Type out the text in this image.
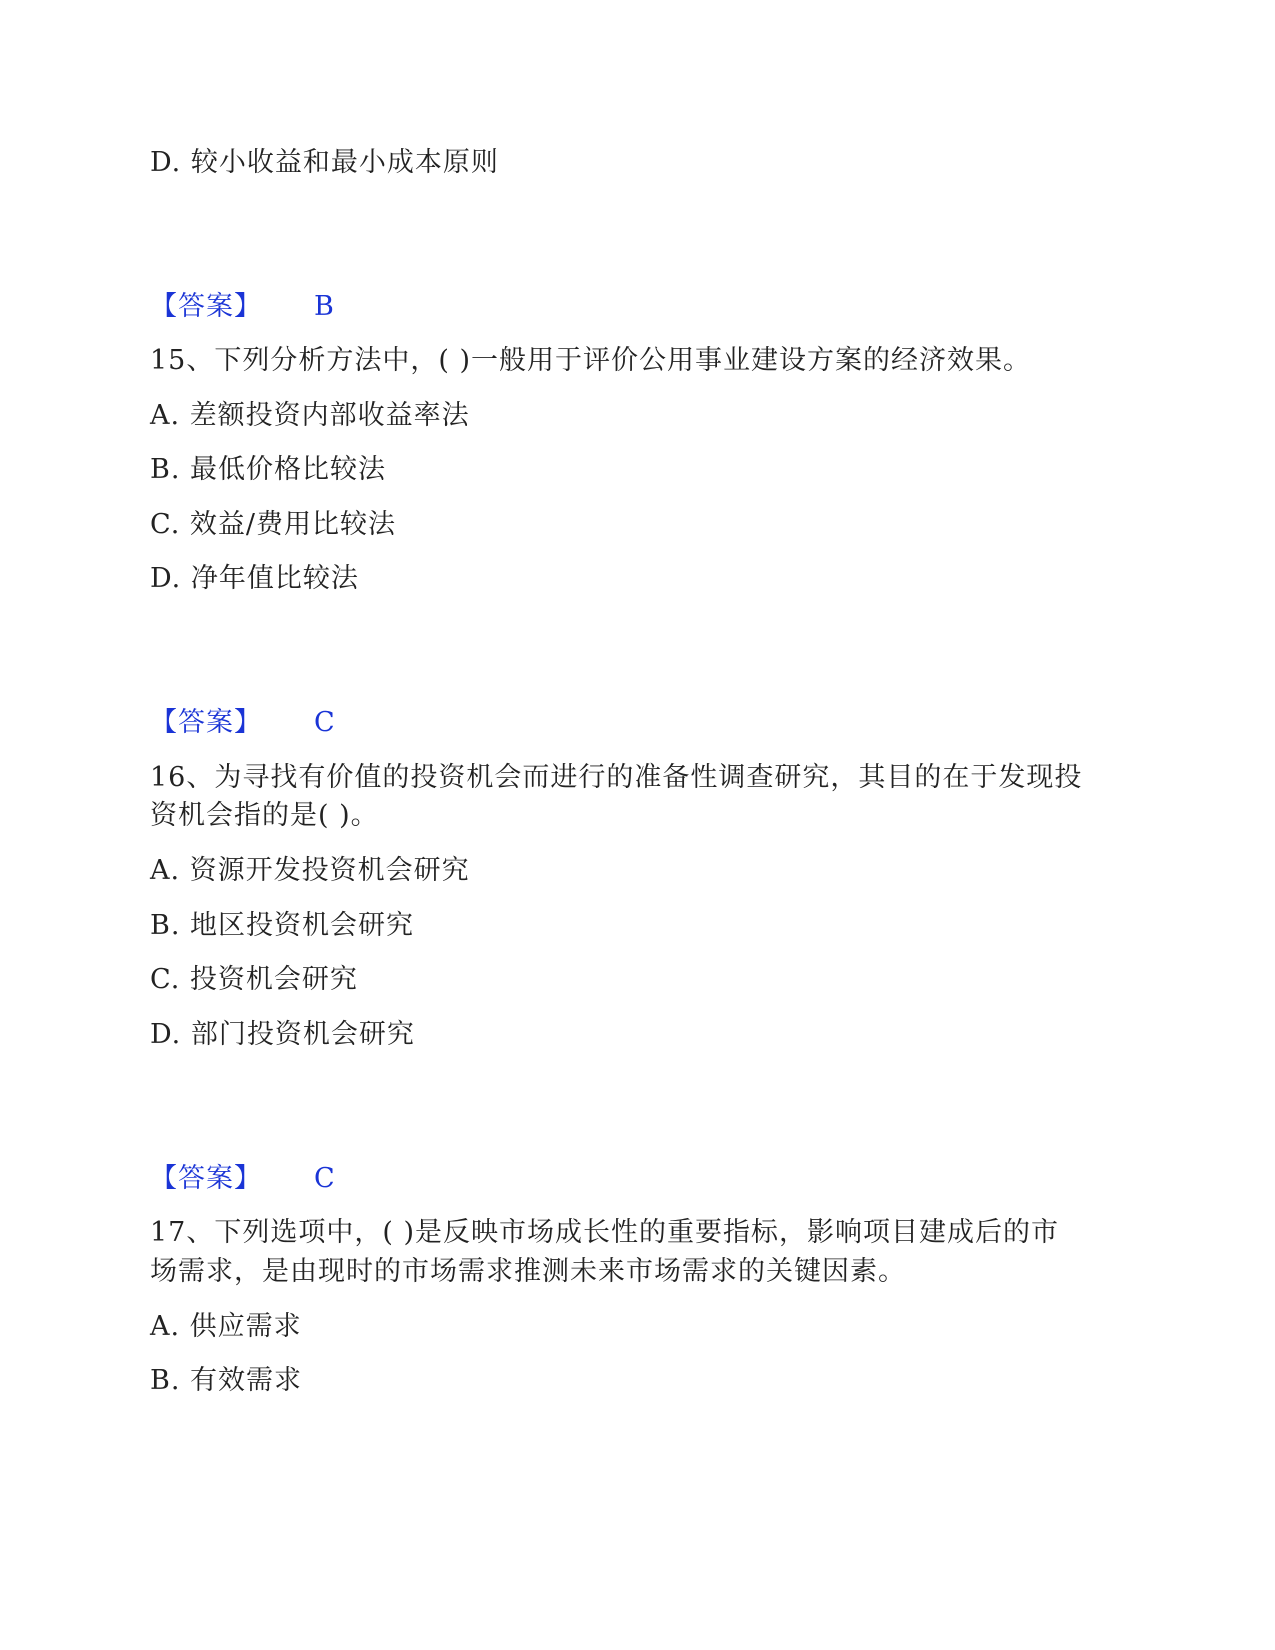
D. 较小收益和最小成本原则
【答案】 B
15、下列分析方法中，( )一般用于评价公用事业建设方案的经济效果。
A. 差额投资内部收益率法
B. 最低价格比较法
C. 效益/费用比较法
D. 净年值比较法
【答案】 C
16、为寻找有价值的投资机会而进行的准备性调查研究，其目的在于发现投
资机会指的是( )。
A. 资源开发投资机会研究
B. 地区投资机会研究
C. 投资机会研究
D. 部门投资机会研究
【答案】 C
17、下列选项中，( )是反映市场成长性的重要指标，影响项目建成后的市
场需求，是由现时的市场需求推测未来市场需求的关键因素。
A. 供应需求
B. 有效需求
